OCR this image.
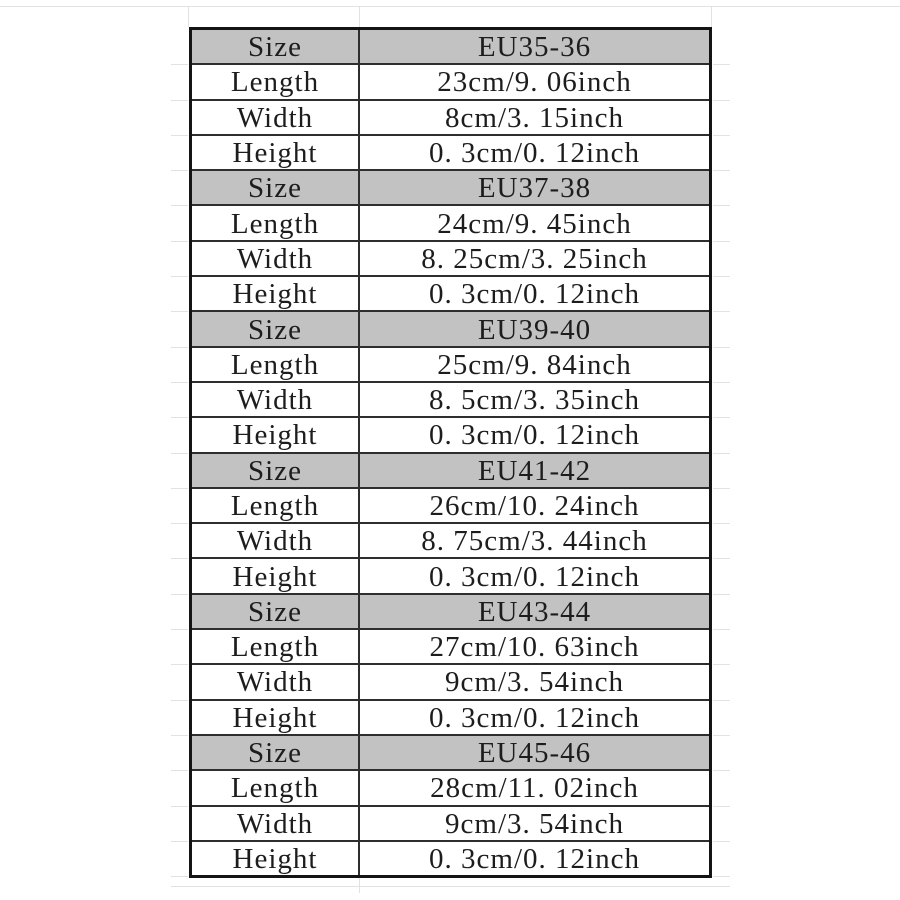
Size	EU35-36
Length	23cm/9. 06inch
Width	8cm/3. 15inch
Height	0. 3cm/0. 12inch
Size	EU37-38
Length	24cm/9. 45inch
Width	8. 25cm/3. 25inch
Height	0. 3cm/0. 12inch
Size	EU39-40
Length	25cm/9. 84inch
Width	8. 5cm/3. 35inch
Height	0. 3cm/0. 12inch
Size	EU41-42
Length	26cm/10. 24inch
Width	8. 75cm/3. 44inch
Height	0. 3cm/0. 12inch
Size	EU43-44
Length	27cm/10. 63inch
Width	9cm/3. 54inch
Height	0. 3cm/0. 12inch
Size	EU45-46
Length	28cm/11. 02inch
Width	9cm/3. 54inch
Height	0. 3cm/0. 12inch
